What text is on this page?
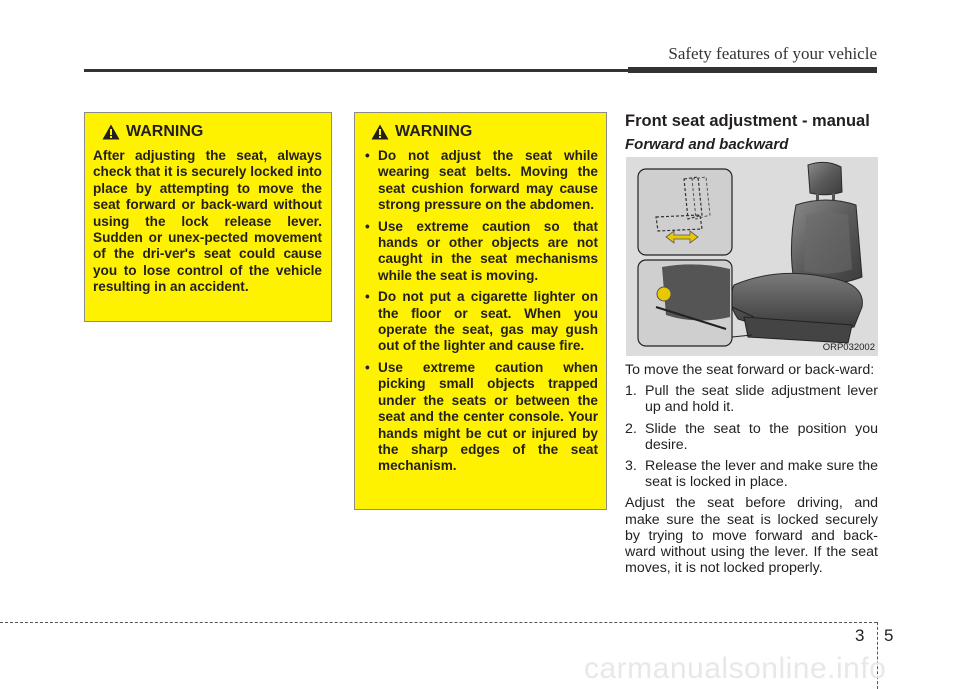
Safety features of your vehicle
WARNING
After adjusting the seat, always check that it is securely locked into place by attempting to move the seat forward or back-ward without using the lock release lever. Sudden or unex-pected movement of the dri-ver's seat could cause you to lose control of the vehicle resulting in an accident.
WARNING
• Do not adjust the seat while wearing seat belts. Moving the seat cushion forward may cause strong pressure on the abdomen.
• Use extreme caution so that hands or other objects are not caught in the seat mechanisms while the seat is moving.
• Do not put a cigarette lighter on the floor or seat. When you operate the seat, gas may gush out of the lighter and cause fire.
• Use extreme caution when picking small objects trapped under the seats or between the seat and the center console. Your hands might be cut or injured by the sharp edges of the seat mechanism.
Front seat adjustment - manual
Forward and backward
ORP032002

To move the seat forward or back-ward:

1. Pull the seat slide adjustment lever up and hold it.
2. Slide the seat to the position you desire.
3. Release the lever and make sure the seat is locked in place.

Adjust the seat before driving, and make sure the seat is locked securely by trying to move forward and back-ward without using the lever. If the seat moves, it is not locked properly.

3 5
carmanualsonline.info
